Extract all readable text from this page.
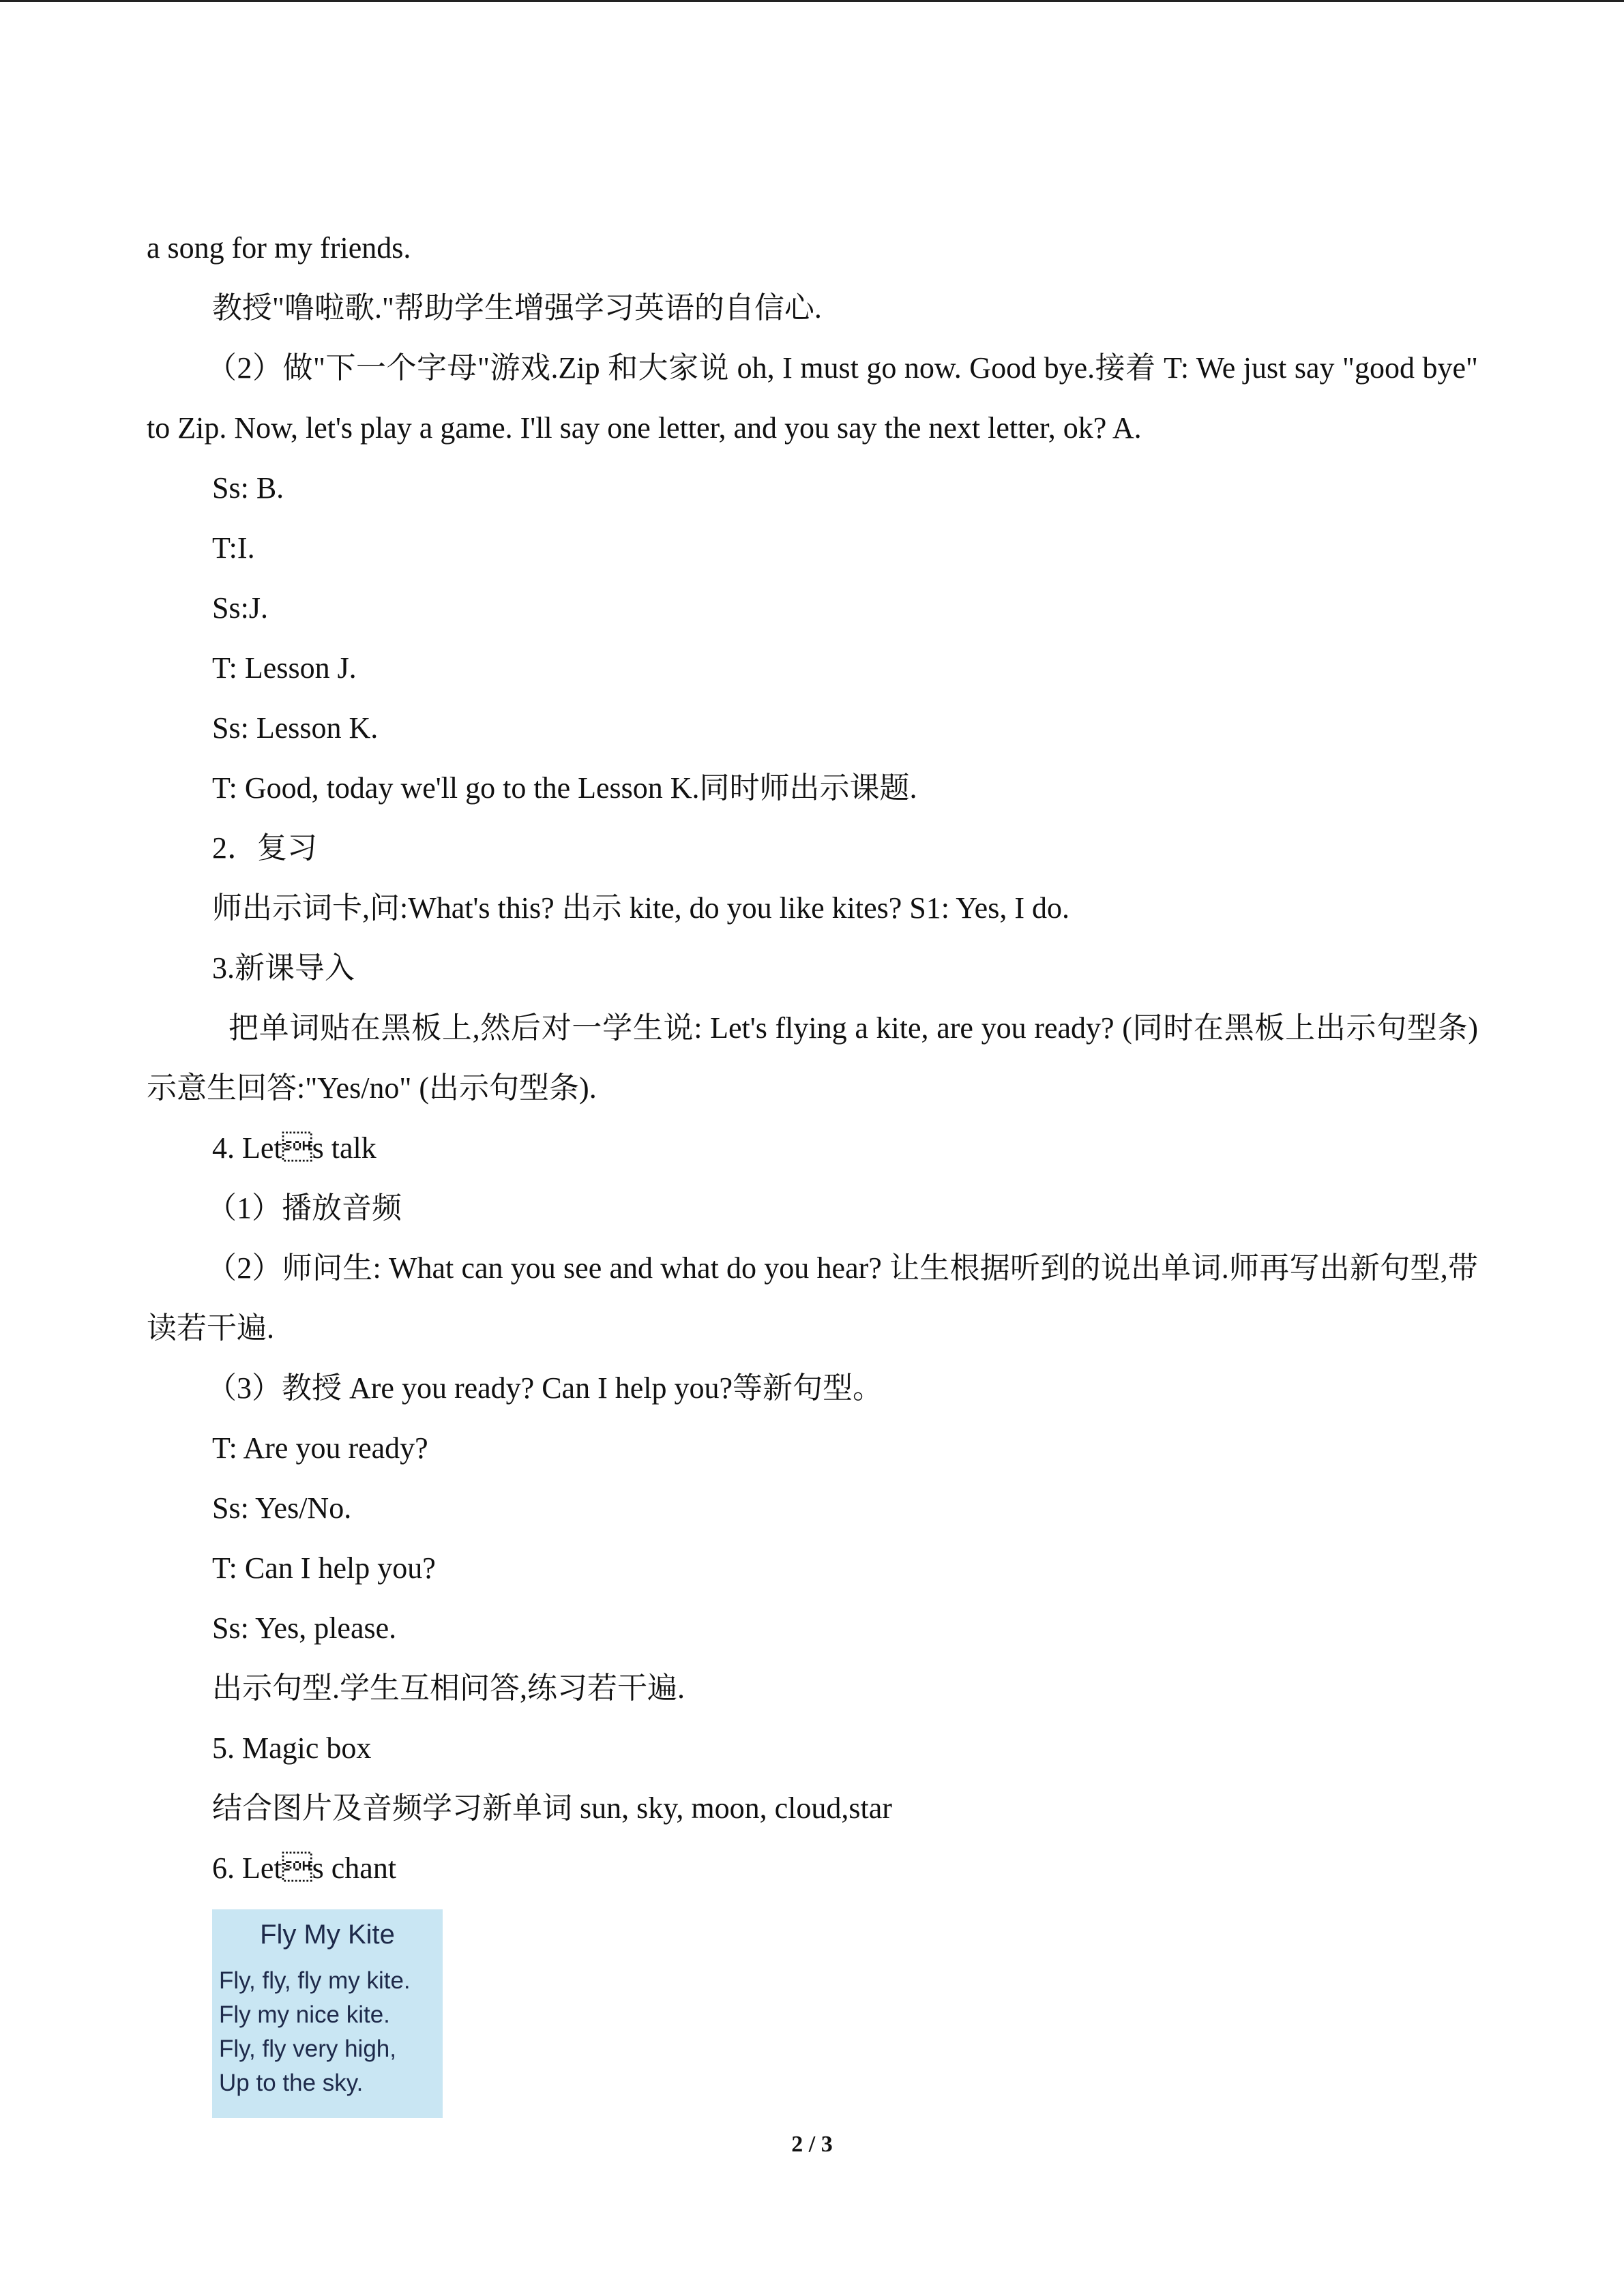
a song for my friends.
教授"噜啦歌."帮助学生增强学习英语的自信心.
（2）做"下一个字母"游戏.Zip 和大家说 oh, I must go now. Good bye.接着 T: We just say "good bye" to Zip. Now, let's play a game. I'll say one letter, and you say the next letter, ok? A.
Ss: B.
T:I.
Ss:J.
T: Lesson J.
Ss: Lesson K.
T: Good, today we'll go to the Lesson K.同时师出示课题.
2．复习
师出示词卡,问:What's this? 出示 kite, do you like kites? S1: Yes, I do.
3.新课导入
把单词贴在黑板上,然后对一学生说: Let's flying a kite, are you ready? (同时在黑板上出示句型条)示意生回答:"Yes/no" (出示句型条).
4. Lets talk
（1）播放音频
（2）师问生: What can you see and what do you hear? 让生根据听到的说出单词.师再写出新句型,带读若干遍.
（3）教授 Are you ready? Can I help you?等新句型。
T: Are you ready?
Ss: Yes/No.
T: Can I help you?
Ss: Yes, please.
出示句型.学生互相问答,练习若干遍.
5. Magic box
结合图片及音频学习新单词 sun, sky, moon, cloud,star
6. Lets chant
Fly My Kite
Fly, fly, fly my kite.
Fly my nice kite.
Fly, fly very high,
Up to the sky.
2 / 3
